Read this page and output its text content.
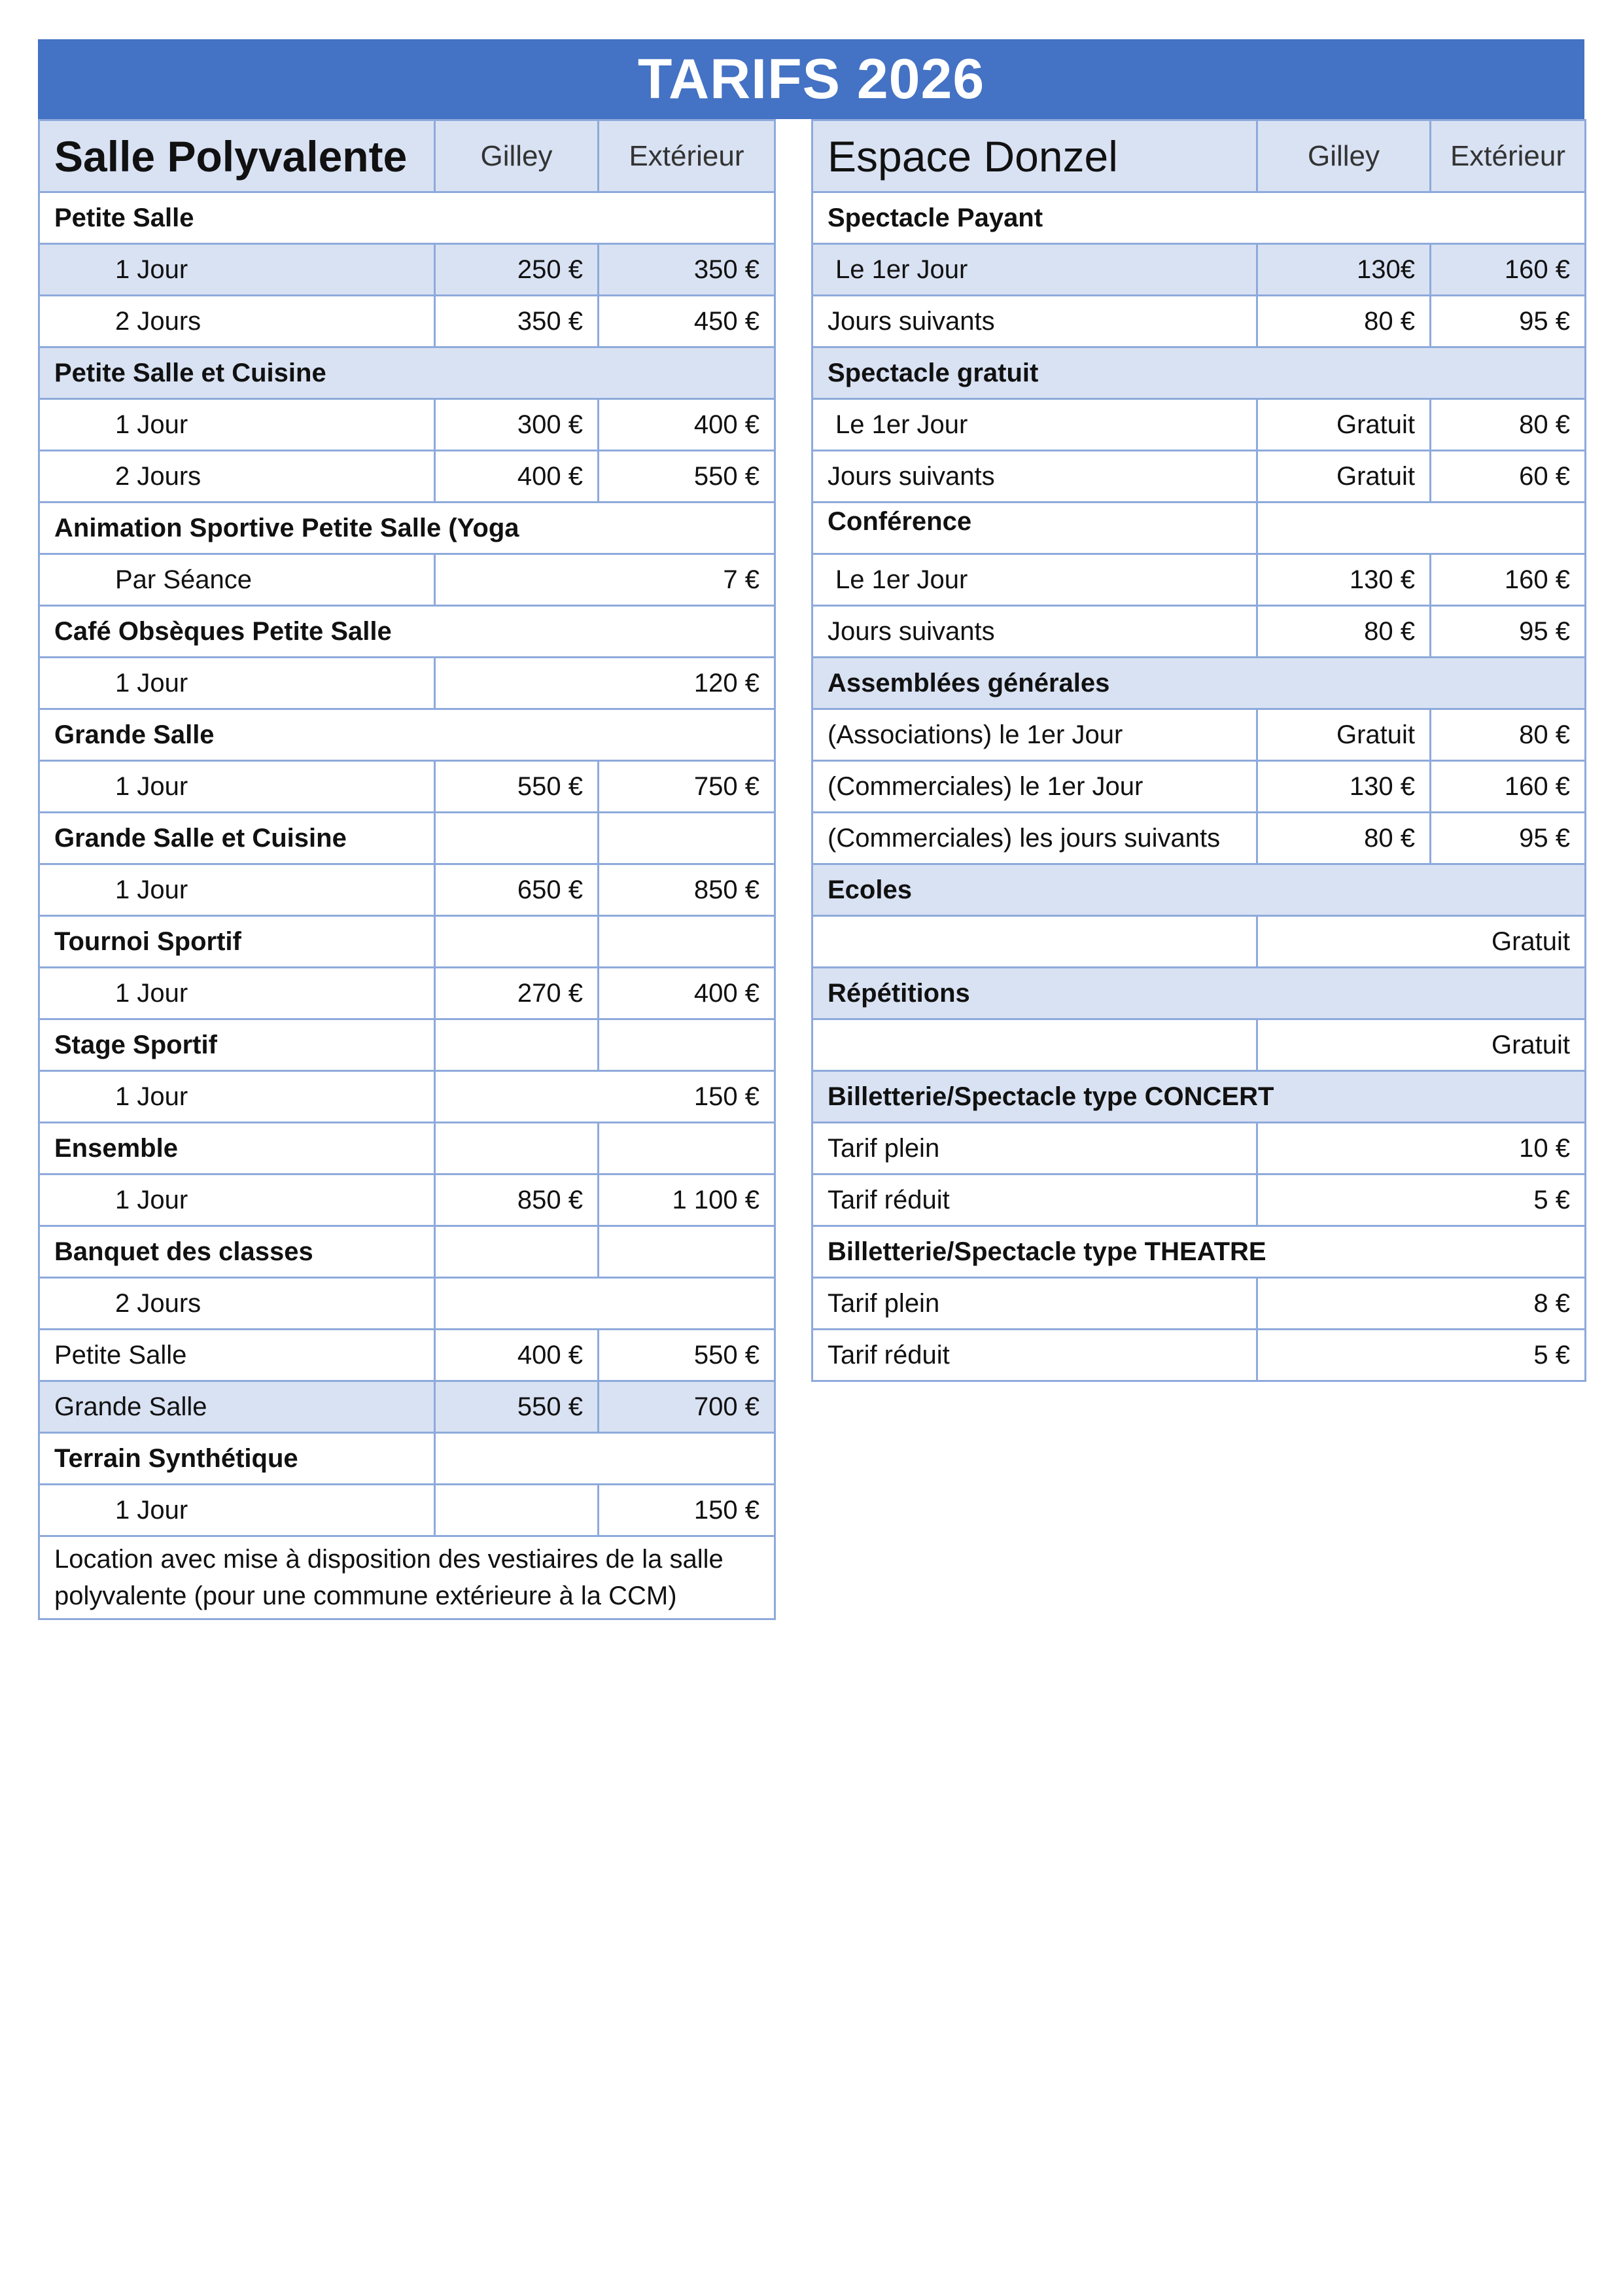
TARIFS 2026
Salle Polyvalente	Gilley	Extérieur
Petite Salle		
1 Jour	250 €	350 €
2 Jours	350 €	450 €
Petite Salle et Cuisine		
1 Jour	300 €	400 €
2 Jours	400 €	550 €
Animation Sportive Petite Salle (Yoga		
Par Séance	7 €	
Café Obsèques Petite Salle		
1 Jour	120 €	
Grande Salle		
1 Jour	550 €	750 €
Grande Salle et Cuisine		
1 Jour	650 €	850 €
Tournoi Sportif		
1 Jour	270 €	400 €
Stage Sportif		
1 Jour	150 €	
Ensemble		
1 Jour	850 €	1 100 €
Banquet des classes		
2 Jours		
Petite Salle	400 €	550 €
Grande Salle	550 €	700 €
Terrain Synthétique		
1 Jour		150 €
Location avec mise à disposition des vestiaires de la salle polyvalente (pour une commune extérieure à la CCM)		
Espace Donzel	Gilley	Extérieur
Spectacle Payant		
Le 1er Jour	130€	160 €
Jours suivants	80 €	95 €
Spectacle gratuit		
Le 1er Jour	Gratuit	80 €
Jours suivants	Gratuit	60 €
Conférence		
Le 1er Jour	130 €	160 €
Jours suivants	80 €	95 €
Assemblées générales		
(Associations) le 1er Jour	Gratuit	80 €
(Commerciales) le 1er Jour	130 €	160 €
(Commerciales) les jours suivants	80 €	95 €
Ecoles		
	Gratuit	
Répétitions		
	Gratuit	
Billetterie/Spectacle type CONCERT		
Tarif plein	10 €	
Tarif réduit	5 €	
Billetterie/Spectacle type THEATRE		
Tarif plein	8 €	
Tarif réduit	5 €	
